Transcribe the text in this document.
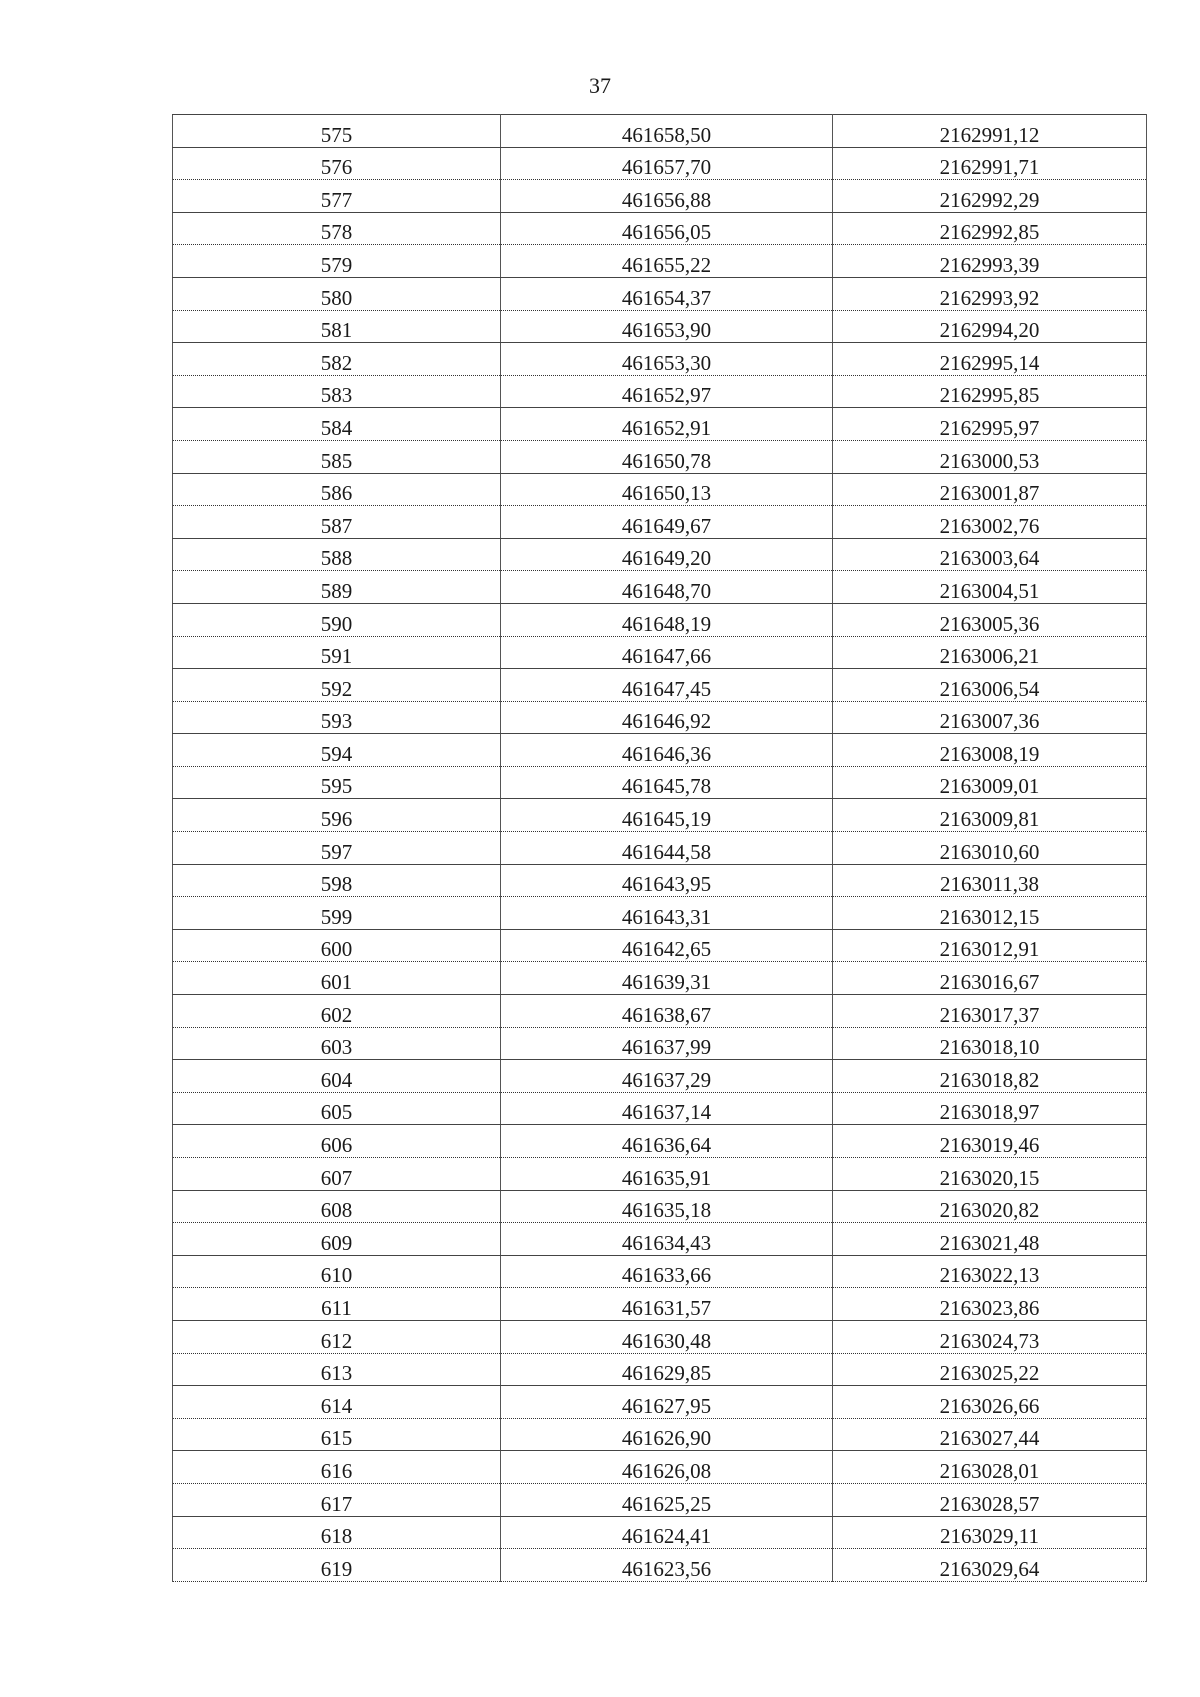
37
575	461658,50	2162991,12
576	461657,70	2162991,71
577	461656,88	2162992,29
578	461656,05	2162992,85
579	461655,22	2162993,39
580	461654,37	2162993,92
581	461653,90	2162994,20
582	461653,30	2162995,14
583	461652,97	2162995,85
584	461652,91	2162995,97
585	461650,78	2163000,53
586	461650,13	2163001,87
587	461649,67	2163002,76
588	461649,20	2163003,64
589	461648,70	2163004,51
590	461648,19	2163005,36
591	461647,66	2163006,21
592	461647,45	2163006,54
593	461646,92	2163007,36
594	461646,36	2163008,19
595	461645,78	2163009,01
596	461645,19	2163009,81
597	461644,58	2163010,60
598	461643,95	2163011,38
599	461643,31	2163012,15
600	461642,65	2163012,91
601	461639,31	2163016,67
602	461638,67	2163017,37
603	461637,99	2163018,10
604	461637,29	2163018,82
605	461637,14	2163018,97
606	461636,64	2163019,46
607	461635,91	2163020,15
608	461635,18	2163020,82
609	461634,43	2163021,48
610	461633,66	2163022,13
611	461631,57	2163023,86
612	461630,48	2163024,73
613	461629,85	2163025,22
614	461627,95	2163026,66
615	461626,90	2163027,44
616	461626,08	2163028,01
617	461625,25	2163028,57
618	461624,41	2163029,11
619	461623,56	2163029,64
